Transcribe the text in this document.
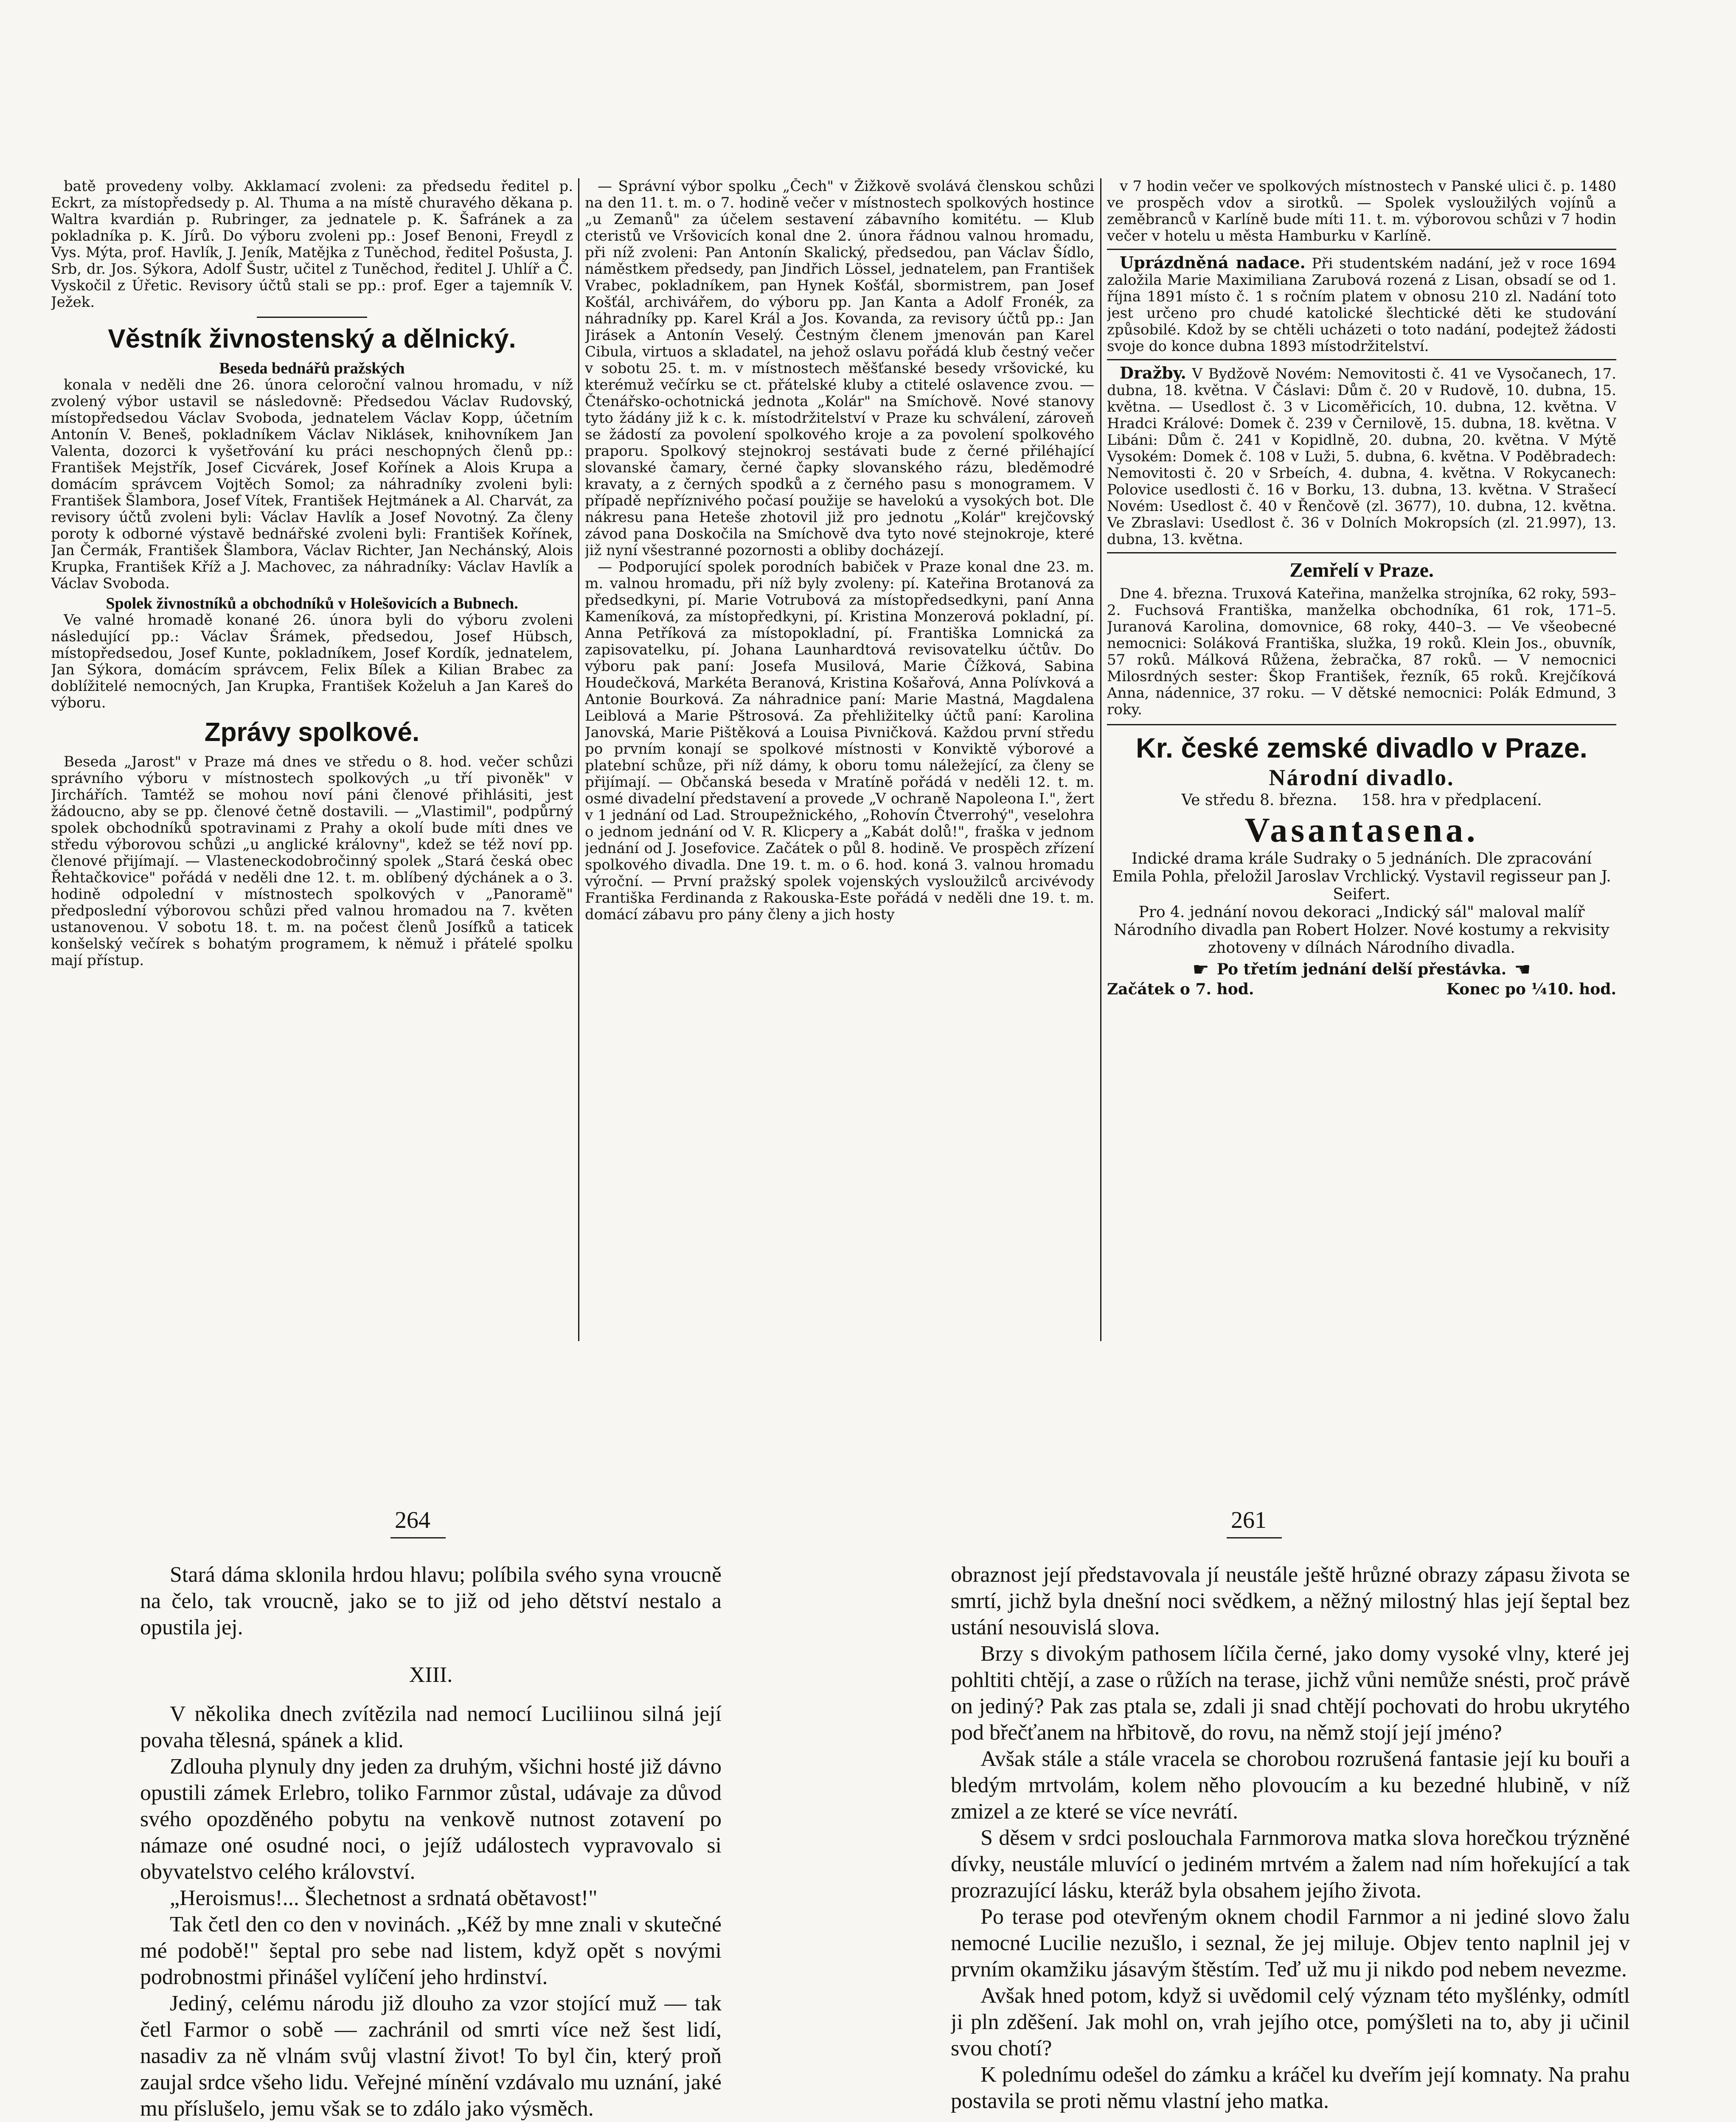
batě provedeny volby. Akklamací zvoleni: za předsedu ředitel p. Eckrt, za místopředsedy p. Al. Thuma a na místě churavého děkana p. Waltra kvardián p. Rubringer, za jednatele p. K. Šafránek a za pokladníka p. K. Jírů. Do výboru zvoleni pp.: Josef Benoni, Freydl z Vys. Mýta, prof. Havlík, J. Jeník, Matějka z Tuněchod, ředitel Pošusta, J. Srb, dr. Jos. Sýkora, Adolf Šustr, učitel z Tuněchod, ředitel J. Uhlíř a Č. Vyskočil z Úřetic. Revisory účtů stali se pp.: prof. Eger a tajemník V. Ježek.

Věstník živnostenský a dělnický.
Beseda bednářů pražských

konala v neděli dne 26. února celoroční valnou hromadu, v níž zvolený výbor ustavil se následovně: Předsedou Václav Rudovský, místopředsedou Václav Svoboda, jednatelem Václav Kopp, účetním Antonín V. Beneš, pokladníkem Václav Niklásek, knihovníkem Jan Valenta, dozorci k vyšetřování ku práci neschopných členů pp.: František Mejstřík, Josef Cicvárek, Josef Kořínek a Alois Krupa a domácím správcem Vojtěch Somol; za náhradníky zvoleni byli: František Šlambora, Josef Vítek, František Hejtmánek a Al. Charvát, za revisory účtů zvoleni byli: Václav Havlík a Josef Novotný. Za členy poroty k odborné výstavě bednářské zvoleni byli: František Kořínek, Jan Čermák, František Šlambora, Václav Richter, Jan Nechánský, Alois Krupka, František Kříž a J. Machovec, za náhradníky: Václav Havlík a Václav Svoboda.

Spolek živnostníků a obchodníků v Holešovicích a Bubnech.

Ve valné hromadě konané 26. února byli do výboru zvoleni následující pp.: Václav Šrámek, předsedou, Josef Hübsch, místopředsedou, Josef Kunte, pokladníkem, Josef Kordík, jednatelem, Jan Sýkora, domácím správcem, Felix Bílek a Kilian Brabec za doblížitelé nemocných, Jan Krupka, František Koželuh a Jan Kareš do výboru.

Zprávy spolkové.

Beseda „Jarost" v Praze má dnes ve středu o 8. hod. večer schůzi správního výboru v místnostech spolkových „u tří pivoněk" v Jirchářích. Tamtéž se mohou noví páni členové přihlásiti, jest žádoucno, aby se pp. členové četně dostavili. — „Vlastimil", podpůrný spolek obchodníků spotravinami z Prahy a okolí bude míti dnes ve středu výborovou schůzi „u anglické královny", kdež se též noví pp. členové přijímají. — Vlasteneckodobročinný spolek „Stará česká obec Řehtačkovice" pořádá v neděli dne 12. t. m. oblíbený dýchánek a o 3. hodině odpolední v místnostech spolkových v „Panoramě" předposlední výborovou schůzi před valnou hromadou na 7. květen ustanovenou. V sobotu 18. t. m. na počest členů Josífků a taticek konšelský večírek s bohatým programem, k němuž i přátelé spolku mají přístup.

— Správní výbor spolku „Čech" v Žižkově svolává členskou schůzi na den 11. t. m. o 7. hodině večer v místnostech spolkových hostince „u Zemanů" za účelem sestavení zábavního komitétu. — Klub cteristů ve Vršovicích konal dne 2. února řádnou valnou hromadu, při níž zvoleni: Pan Antonín Skalický, předsedou, pan Václav Šídlo, náměstkem předsedy, pan Jindřich Lössel, jednatelem, pan František Vrabec, pokladníkem, pan Hynek Košťál, sbormistrem, pan Josef Košťál, archivářem, do výboru pp. Jan Kanta a Adolf Fronék, za náhradníky pp. Karel Král a Jos. Kovanda, za revisory účtů pp.: Jan Jirásek a Antonín Veselý. Čestným členem jmenován pan Karel Cibula, virtuos a skladatel, na jehož oslavu pořádá klub čestný večer v sobotu 25. t. m. v místnostech měšťanské besedy vršovické, ku kterémuž večírku se ct. přátelské kluby a ctitelé oslavence zvou. — Čtenářsko-ochotnická jednota „Kolár" na Smíchově. Nové stanovy tyto žádány již k c. k. místodržitelství v Praze ku schválení, zároveň se žádostí za povolení spolkového kroje a za povolení spolkového praporu. Spolkový stejnokroj sestávati bude z černé přiléhající slovanské čamary, černé čapky slovanského rázu, bleděmodré kravaty, a z černých spodků a z černého pasu s monogramem. V případě nepříznivého počasí použije se havelokú a vysokých bot. Dle nákresu pana Heteše zhotovil již pro jednotu „Kolár" krejčovský závod pana Doskočila na Smíchově dva tyto nové stejnokroje, které již nyní všestranné pozornosti a obliby docházejí.

— Podporující spolek porodních babiček v Praze konal dne 23. m. m. valnou hromadu, při níž byly zvoleny: pí. Kateřina Brotanová za předsedkyni, pí. Marie Votrubová za místopředsedkyni, paní Anna Kameníková, za místopředkyni, pí. Kristina Monzerová pokladní, pí. Anna Petříková za místopokladní, pí. Františka Lomnická za zapisovatelku, pí. Johana Launhardtová revisovatelku účtův. Do výboru pak paní: Josefa Musilová, Marie Čížková, Sabina Houdečková, Markéta Beranová, Kristina Košařová, Anna Polívková a Antonie Bourková. Za náhradnice paní: Marie Mastná, Magdalena Leiblová a Marie Pštrosová. Za přehližitelky účtů paní: Karolina Janovská, Marie Pištěková a Louisa Pivničková. Každou první středu po prvním konají se spolkové místnosti v Konviktě výborové a platební schůze, při níž dámy, k oboru tomu náležející, za členy se přijímají. — Občanská beseda v Mratíně pořádá v neděli 12. t. m. osmé divadelní představení a provede „V ochraně Napoleona I.", žert v 1 jednání od Lad. Stroupežnického, „Rohovín Čtverrohý", veselohra o jednom jednání od V. R. Klicpery a „Kabát dolů!", fraška v jednom jednání od J. Josefovice. Začátek o půl 8. hodině. Ve prospěch zřízení spolkového divadla. Dne 19. t. m. o 6. hod. koná 3. valnou hromadu výroční. — První pražský spolek vojenských vysloužilců arcivévody Františka Ferdinanda z Rakouska-Este pořádá v neděli dne 19. t. m. domácí zábavu pro pány členy a jich hosty

v 7 hodin večer ve spolkových místnostech v Panské ulici č. p. 1480 ve prospěch vdov a sirotků. — Spolek vysloužilých vojínů a zeměbranců v Karlíně bude míti 11. t. m. výborovou schůzi v 7 hodin večer v hotelu u města Hamburku v Karlíně.

Uprázdněná nadace. Při studentském nadání, jež v roce 1694 založila Marie Maximiliana Zarubová rozená z Lisan, obsadí se od 1. října 1891 místo č. 1 s ročním platem v obnosu 210 zl. Nadání toto jest určeno pro chudé katolické šlechtické děti ke studování způsobilé. Kdož by se chtěli ucházeti o toto nadání, podejtež žádosti svoje do konce dubna 1893 místodržitelství.

Dražby. V Bydžově Novém: Nemovitosti č. 41 ve Vysočanech, 17. dubna, 18. května. V Čáslavi: Dům č. 20 v Rudově, 10. dubna, 15. května. — Usedlost č. 3 v Licoměřicích, 10. dubna, 12. května. V Hradci Králové: Domek č. 239 v Černilově, 15. dubna, 18. května. V Libáni: Dům č. 241 v Kopidlně, 20. dubna, 20. května. V Mýtě Vysokém: Domek č. 108 v Luži, 5. dubna, 6. května. V Poděbradech: Nemovitosti č. 20 v Srbeích, 4. dubna, 4. května. V Rokycanech: Polovice usedlosti č. 16 v Borku, 13. dubna, 13. května. V Strašecí Novém: Usedlost č. 40 v Řenčově (zl. 3677), 10. dubna, 12. května. Ve Zbraslavi: Usedlost č. 36 v Dolních Mokropsích (zl. 21.997), 13. dubna, 13. května.

Zemřelí v Praze.

Dne 4. března. Truxová Kateřina, manželka strojníka, 62 roky, 593–2. Fuchsová Františka, manželka obchodníka, 61 rok, 171–5. Juranová Karolina, domovnice, 68 roky, 440–3. — Ve všeobecné nemocnici: Soláková Františka, služka, 19 roků. Klein Jos., obuvník, 57 roků. Málková Růžena, žebračka, 87 roků. — V nemocnici Milosrdných sester: Škop František, řezník, 65 roků. Krejčíková Anna, nádennice, 37 roku. — V dětské nemocnici: Polák Edmund, 3 roky.

Kr. české zemské divadlo v Praze.
Národní divadlo.
Ve středu 8. března.     158. hra v předplacení.
Vasantasena.
Indické drama krále Sudraky o 5 jednáních. Dle zpracování Emila Pohla, přeložil Jaroslav Vrchlický. Vystavil regisseur pan J. Seifert.
Pro 4. jednání novou dekoraci „Indický sál" maloval malíř Národního divadla pan Robert Holzer. Nové kostumy a rekvisity zhotoveny v dílnách Národního divadla.
☛ Po třetím jednání delší přestávka. ☚
Začátek o 7. hod.	Konec po ¼10. hod.
264	261

Stará dáma sklonila hrdou hlavu; políbila svého syna vroucně na čelo, tak vroucně, jako se to již od jeho dětství nestalo a opustila jej.

XIII.

V několika dnech zvítězila nad nemocí Luciliinou silná její povaha tělesná, spánek a klid.

Zdlouha plynuly dny jeden za druhým, všichni hosté již dávno opustili zámek Erlebro, toliko Farnmor zůstal, udávaje za důvod svého opozděného pobytu na venkově nutnost zotavení po námaze oné osudné noci, o jejíž událostech vypravovalo si obyvatelstvo celého království.

„Heroismus!... Šlechetnost a srdnatá obětavost!"

Tak četl den co den v novinách. „Kéž by mne znali v skutečné mé podobě!" šeptal pro sebe nad listem, když opět s novými podrobnostmi přinášel vylíčení jeho hrdinství.

Jediný, celému národu již dlouho za vzor stojící muž — tak četl Farmor o sobě — zachránil od smrti více než šest lidí, nasadiv za ně vlnám svůj vlastní život! To byl čin, který proň zaujal srdce všeho lidu. Veřejné mínění vzdávalo mu uznání, jaké mu příslušelo, jemu však se to zdálo jako výsměch.

obraznost její představovala jí neustále ještě hrůzné obrazy zápasu života se smrtí, jichž byla dnešní noci svědkem, a něžný milostný hlas její šeptal bez ustání nesouvislá slova.

Brzy s divokým pathosem líčila černé, jako domy vysoké vlny, které jej pohltiti chtějí, a zase o růžích na terase, jichž vůni nemůže snésti, proč právě on jediný? Pak zas ptala se, zdali ji snad chtějí pochovati do hrobu ukrytého pod břečťanem na hřbitově, do rovu, na němž stojí její jméno?

Avšak stále a stále vracela se chorobou rozrušená fantasie její ku bouři a bledým mrtvolám, kolem něho plovoucím a ku bezedné hlubině, v níž zmizel a ze které se více nevrátí.

S děsem v srdci poslouchala Farnmorova matka slova horečkou trýzněné dívky, neustále mluvící o jediném mrtvém a žalem nad ním hořekující a tak prozrazující lásku, kteráž byla obsahem jejího života.

Po terase pod otevřeným oknem chodil Farnmor a ni jediné slovo žalu nemocné Lucilie nezušlo, i seznal, že jej miluje. Objev tento naplnil jej v prvním okamžiku jásavým štěstím. Teď už mu ji nikdo pod nebem nevezme.

Avšak hned potom, když si uvědomil celý význam této myšlénky, odmítl ji pln zděšení. Jak mohl on, vrah jejího otce, pomýšleti na to, aby ji učinil svou chotí?

K polednímu odešel do zámku a kráčel ku dveřím její komnaty. Na prahu postavila se proti němu vlastní jeho matka.
